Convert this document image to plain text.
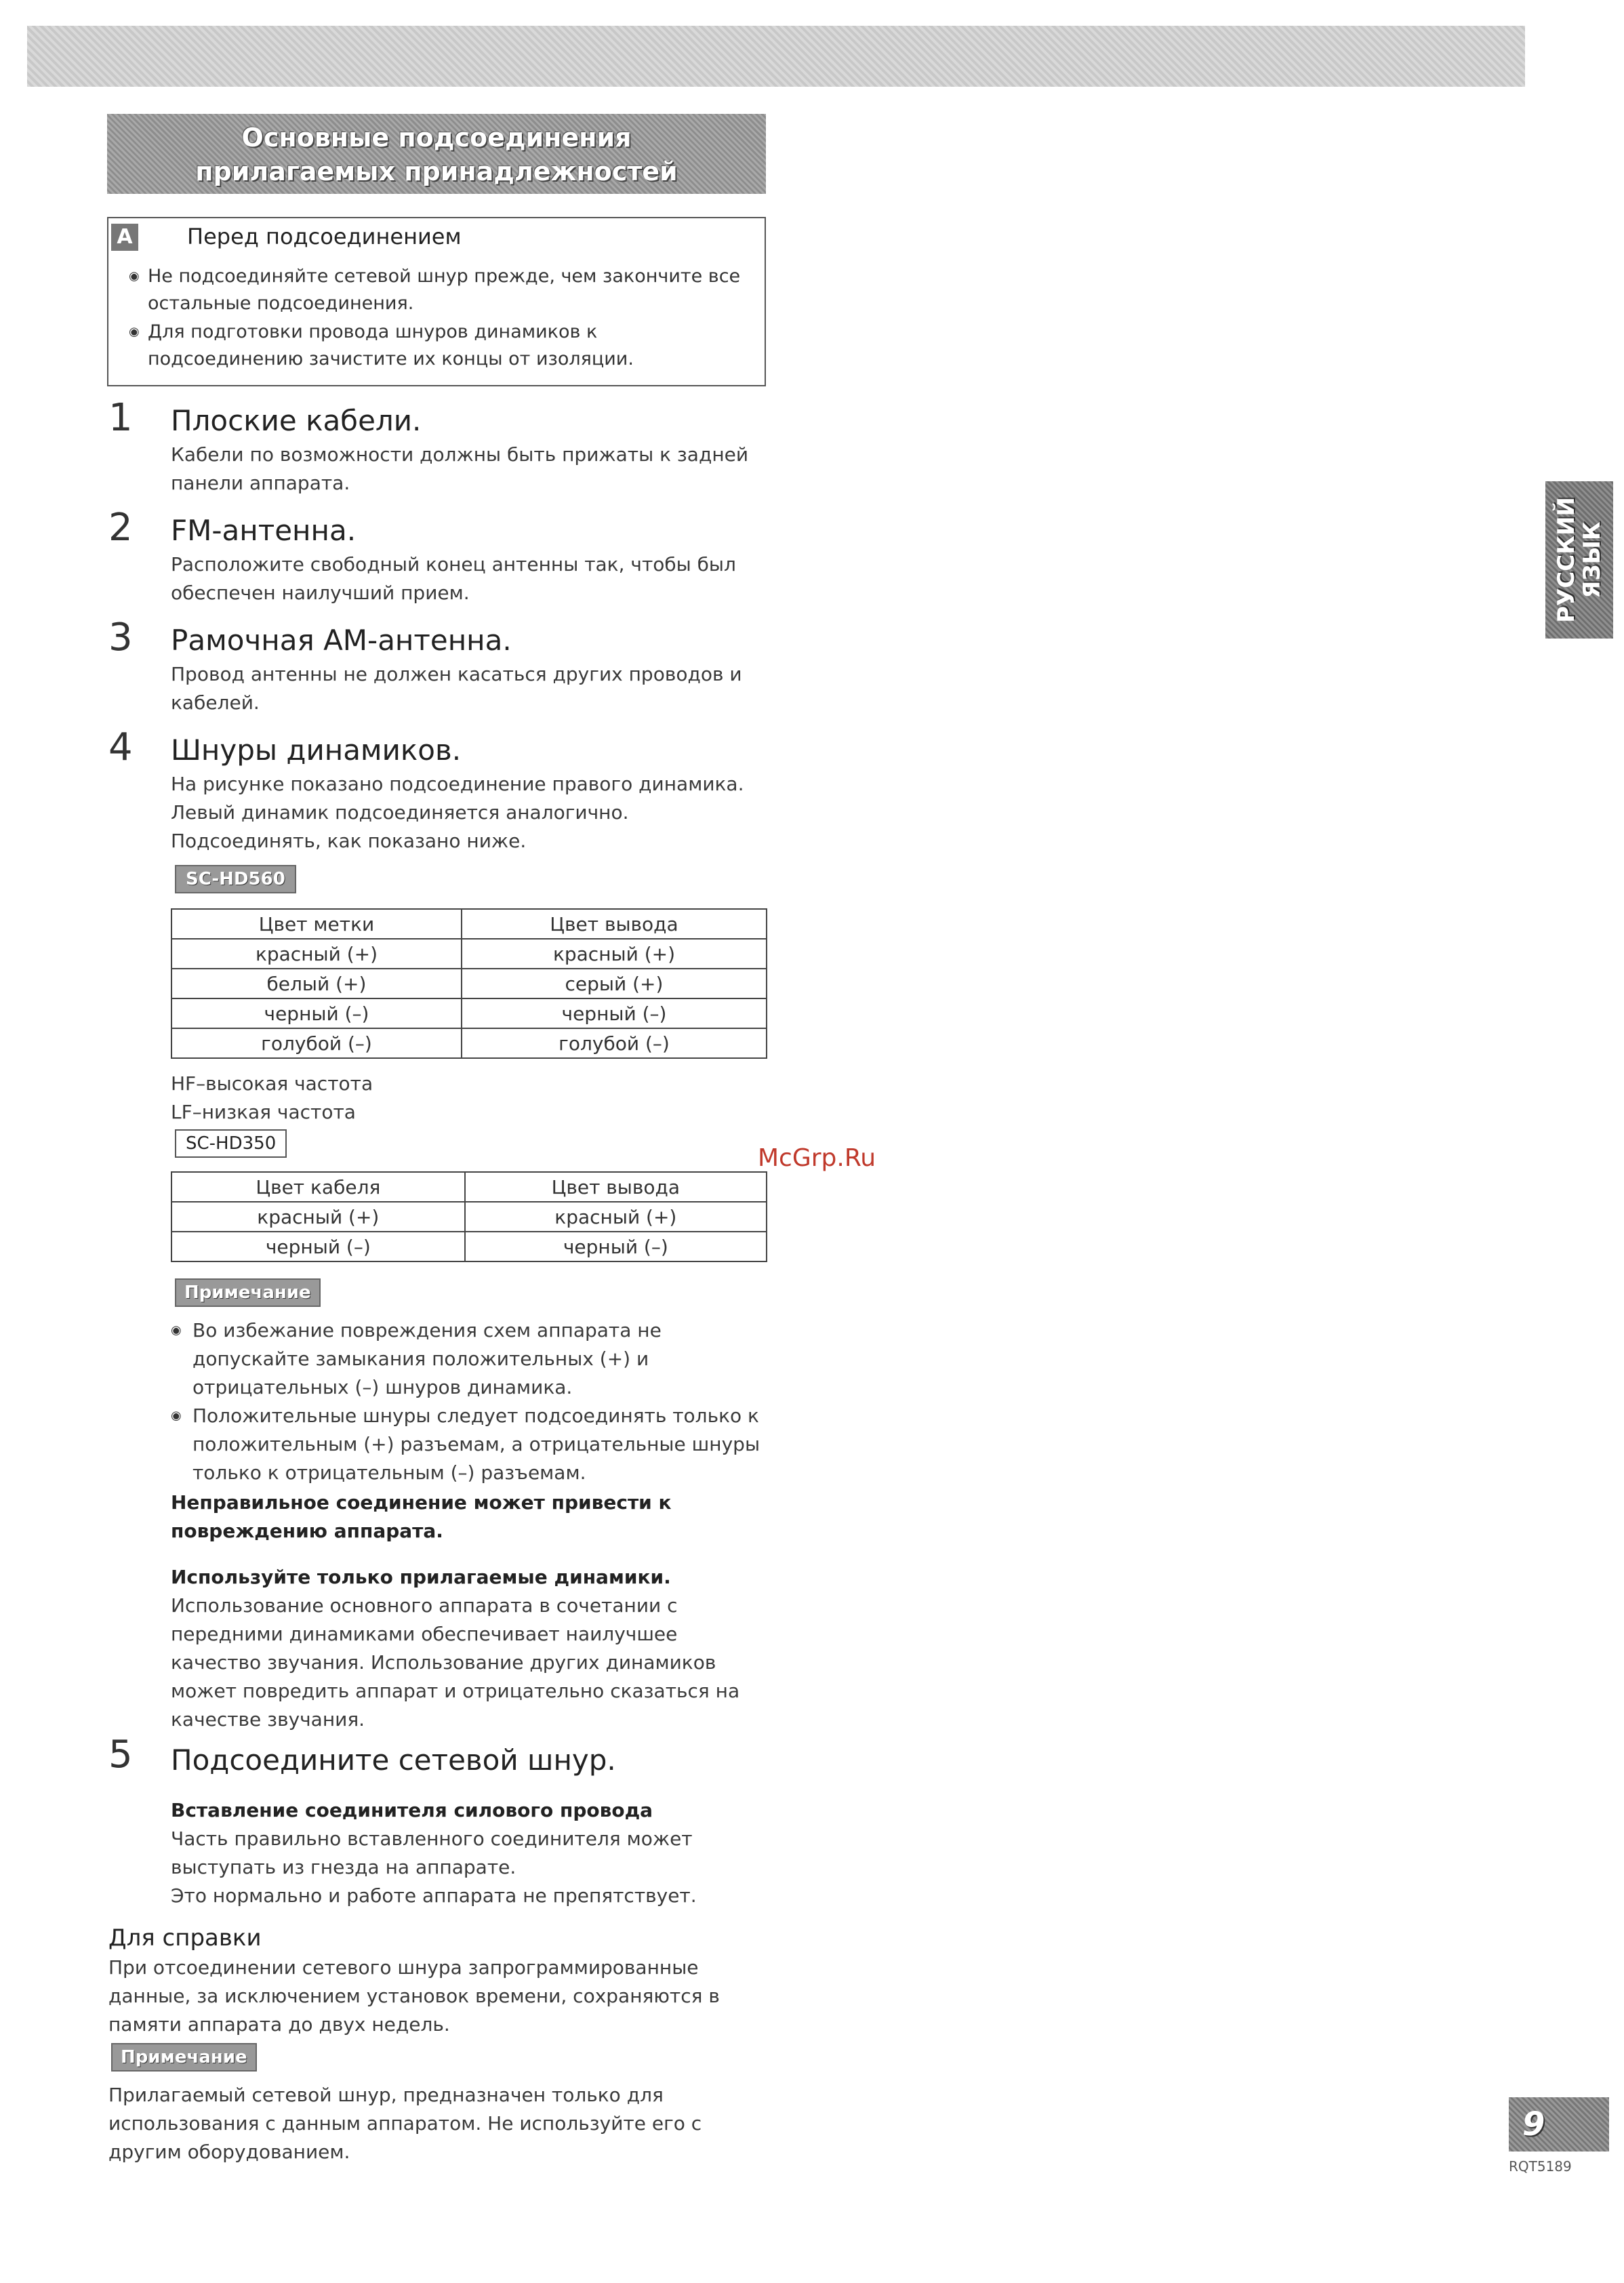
Основные подсоединения
прилагаемых принадлежностей
A	Перед подсоединением
◉ Не подсоединяйте сетевой шнур прежде, чем закончите все остальные подсоединения.
◉ Для подготовки провода шнуров динамиков к подсоединению зачистите их концы от изоляции.
1 Плоские кабели.
Кабели по возможности должны быть прижаты к задней
панели аппарата.
2 FM-антенна.
Расположите свободный конец антенны так, чтобы был
обеспечен наилучший прием.
3 Рамочная АМ-антенна.
Провод антенны не должен касаться других проводов и
кабелей.
4 Шнуры динамиков.
На рисунке показано подсоединение правого динамика.
Левый динамик подсоединяется аналогично.
Подсоединять, как показано ниже.
SC-HD560
Цвет метки	Цвет вывода
красный (+)	красный (+)
белый (+)	серый (+)
черный (–)	черный (–)
голубой (–)	голубой (–)
HF–высокая частота
LF–низкая частота
SC-HD350
Цвет кабеля	Цвет вывода
красный (+)	красный (+)
черный (–)	черный (–)
Примечание
◉ Во избежание повреждения схем аппарата не допускайте замыкания положительных (+) и отрицательных (–) шнуров динамика.
◉ Положительные шнуры следует подсоединять только к положительным (+) разъемам, а отрицательные шнуры только к отрицательным (–) разъемам.
Неправильное соединение может привести к повреждению аппарата.
Используйте только прилагаемые динамики.
Использование основного аппарата в сочетании с передними динамиками обеспечивает наилучшее качество звучания. Использование других динамиков может повредить аппарат и отрицательно сказаться на качестве звучания.
5 Подсоедините сетевой шнур.
Вставление соединителя силового провода
Часть правильно вставленного соединителя может выступать из гнезда на аппарате.
Это нормально и работе аппарата не препятствует.
Для справки
При отсоединении сетевого шнура запрограммированные данные, за исключением установок времени, сохраняются в памяти аппарата до двух недель.
Примечание
Прилагаемый сетевой шнур, предназначен только для использования с данным аппаратом. Не используйте его с другим оборудованием.
РУССКИЙ
ЯЗЫК
McGrp.Ru
9
RQT5189
